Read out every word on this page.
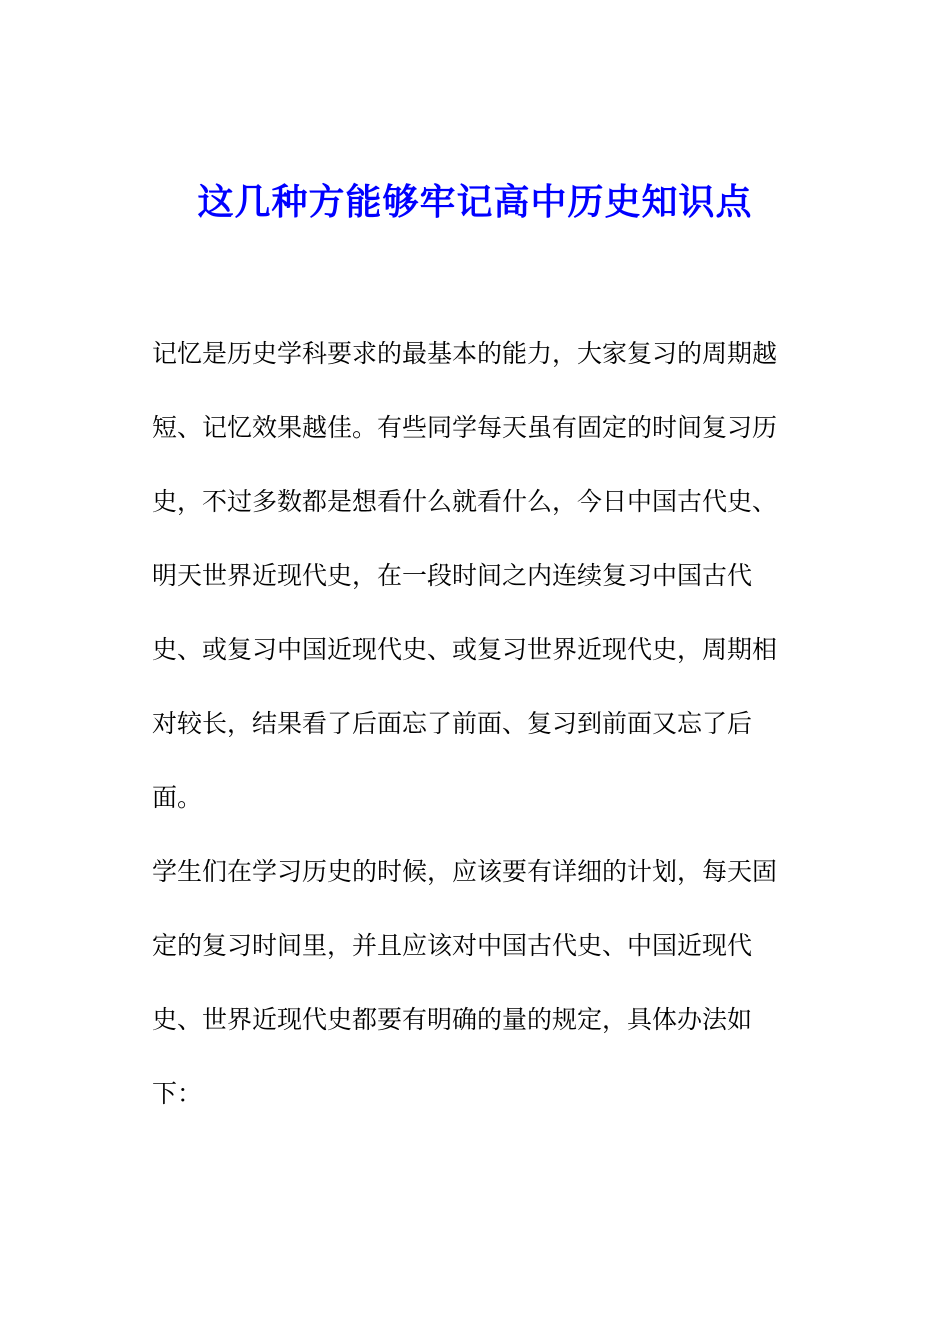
这几种方能够牢记高中历史知识点
记忆是历史学科要求的最基本的能力，大家复习的周期越
短、记忆效果越佳。有些同学每天虽有固定的时间复习历
史，不过多数都是想看什么就看什么，今日中国古代史、
明天世界近现代史，在一段时间之内连续复习中国古代
史、或复习中国近现代史、或复习世界近现代史，周期相
对较长，结果看了后面忘了前面、复习到前面又忘了后
面。
学生们在学习历史的时候，应该要有详细的计划，每天固
定的复习时间里，并且应该对中国古代史、中国近现代
史、世界近现代史都要有明确的量的规定，具体办法如
下：
